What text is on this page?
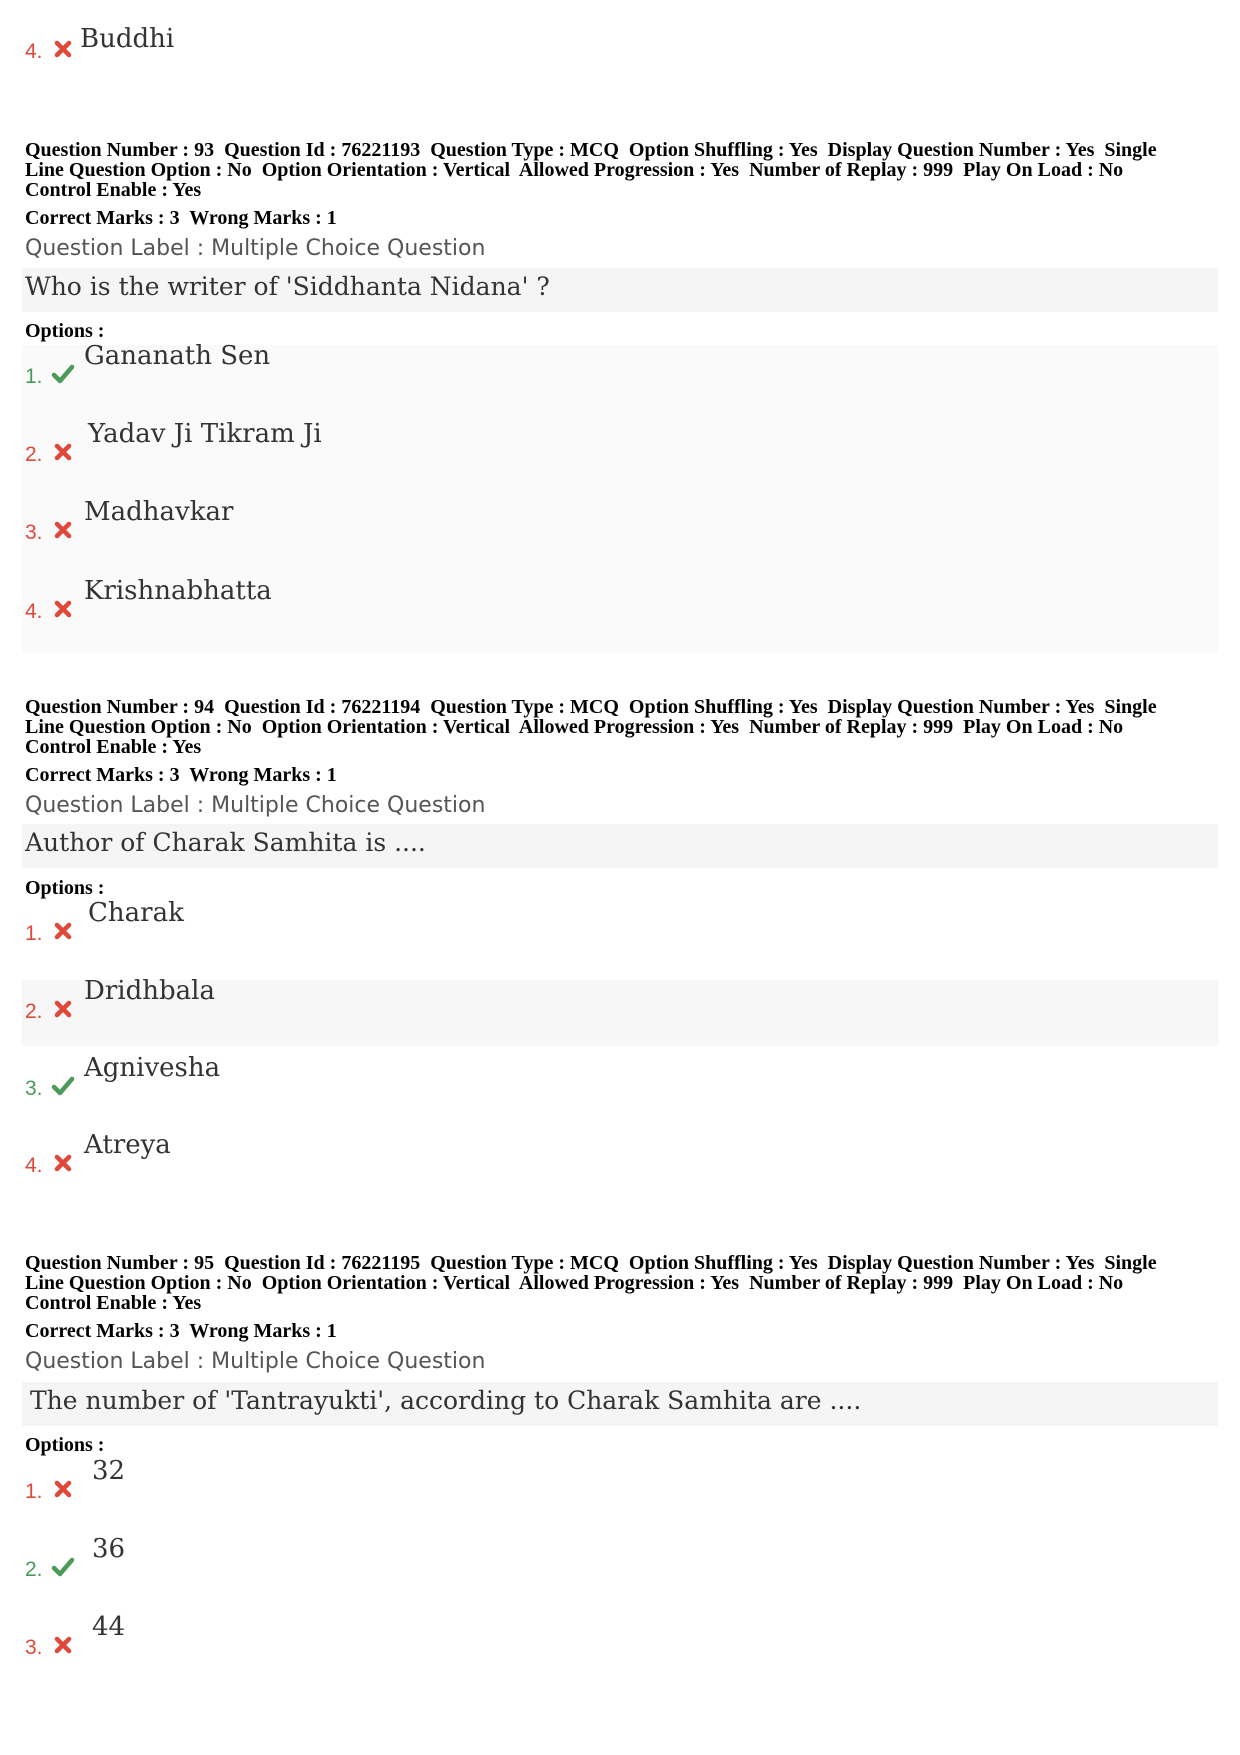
4. Buddhi
Question Number : 93  Question Id : 76221193  Question Type : MCQ  Option Shuffling : Yes  Display Question Number : Yes  Single
Line Question Option : No  Option Orientation : Vertical  Allowed Progression : Yes  Number of Replay : 999  Play On Load : No
Control Enable : Yes
Correct Marks : 3  Wrong Marks : 1
Question Label : Multiple Choice Question
Who is the writer of 'Siddhanta Nidana' ?
Options :
1.
Gananath Sen
2.
Yadav Ji Tikram Ji
3.
Madhavkar
4.
Krishnabhatta
Question Number : 94  Question Id : 76221194  Question Type : MCQ  Option Shuffling : Yes  Display Question Number : Yes  Single
Line Question Option : No  Option Orientation : Vertical  Allowed Progression : Yes  Number of Replay : 999  Play On Load : No
Control Enable : Yes
Correct Marks : 3  Wrong Marks : 1
Question Label : Multiple Choice Question
Author of Charak Samhita is ....
Options :
1.
Charak
2.
Dridhbala
3.
Agnivesha
4.
Atreya
Question Number : 95  Question Id : 76221195  Question Type : MCQ  Option Shuffling : Yes  Display Question Number : Yes  Single
Line Question Option : No  Option Orientation : Vertical  Allowed Progression : Yes  Number of Replay : 999  Play On Load : No
Control Enable : Yes
Correct Marks : 3  Wrong Marks : 1
Question Label : Multiple Choice Question
The number of 'Tantrayukti', according to Charak Samhita are ....
Options :
1.
32
2.
36
3.
44
